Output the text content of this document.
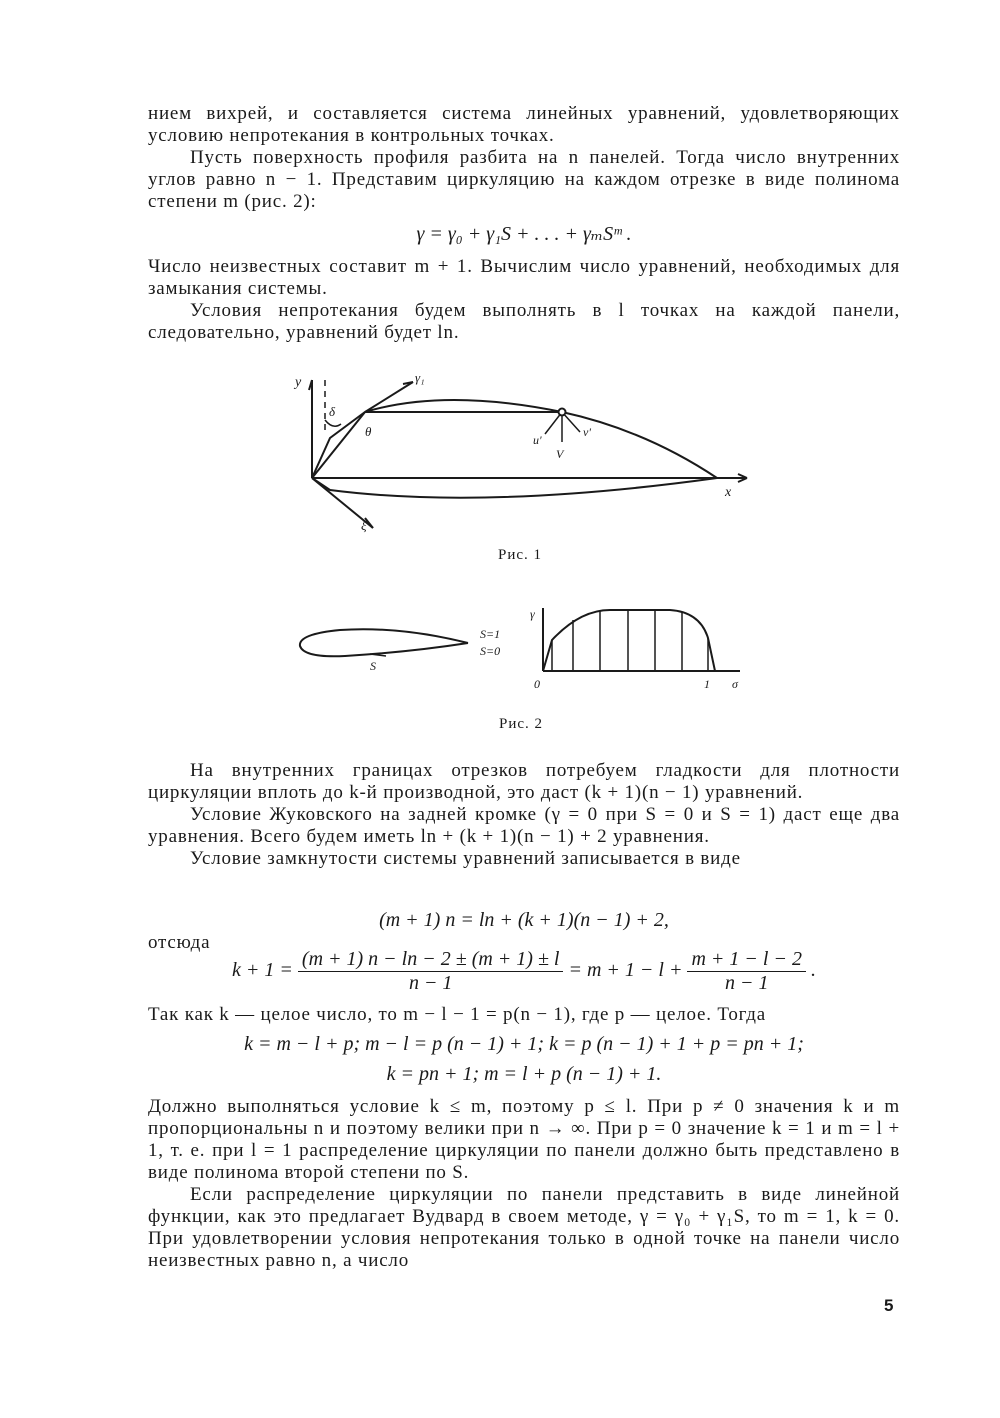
нием вихрей, и составляется система линейных уравнений, удовлетворяющих условию непротекания в контрольных точках.

Пусть поверхность профиля разбита на n панелей. Тогда число внутренних углов равно n − 1. Представим циркуляцию на каждом отрезке в виде полинома степени m (рис. 2):

γ = γ₀ + γ₁S + . . . + γₘSᵐ .

Число неизвестных составит m + 1. Вычислим число уравнений, необходимых для замыкания системы.

Условия непротекания будем выполнять в l точках на каждой панели, следовательно, уравнений будет ln.

y
x
γ₁
δ
θ
u'
v'
V
ξ
Рис. 1
S=1
S=0
S
γ
0	1 σ
Рис. 2

На внутренних границах отрезков потребуем гладкости для плотности циркуляции вплоть до k-й производной, это даст (k + 1)(n − 1) уравнений.

Условие Жуковского на задней кромке (γ = 0 при S = 0 и S = 1) даст еще два уравнения. Всего будем иметь ln + (k + 1)(n − 1) + 2 уравнения.

Условие замкнутости системы уравнений записывается в виде

(m + 1) n = ln + (k + 1)(n − 1) + 2,

отсюда

$k + 1 = \frac{(m + 1) n - \ln - 2 \pm (m + 1) \pm l}{n - 1} = m + 1 - l + \frac{m + 1 - l - 2}{n - 1}$ .

Так как k — целое число, то m − l − 1 = p(n − 1), где p — целое. Тогда

k = m − l + p; m − l = p (n − 1) + 1; k = p (n − 1) + 1 + p = pn + 1;
k = pn + 1; m = l + p (n − 1) + 1.

Должно выполняться условие k ≤ m, поэтому p ≤ l. При p ≠ 0 значения k и m пропорциональны n и поэтому велики при n → ∞. При p = 0 значение k = 1 и m = l + 1, т. е. при l = 1 распределение циркуляции по панели должно быть представлено в виде полинома второй степени по S.

Если распределение циркуляции по панели представить в виде линейной функции, как это предлагает Вудвард в своем методе, γ = γ₀ + γ₁S, то m = 1, k = 0. При удовлетворении условия непротекания только в одной точке на панели число неизвестных равно n, а число

5
